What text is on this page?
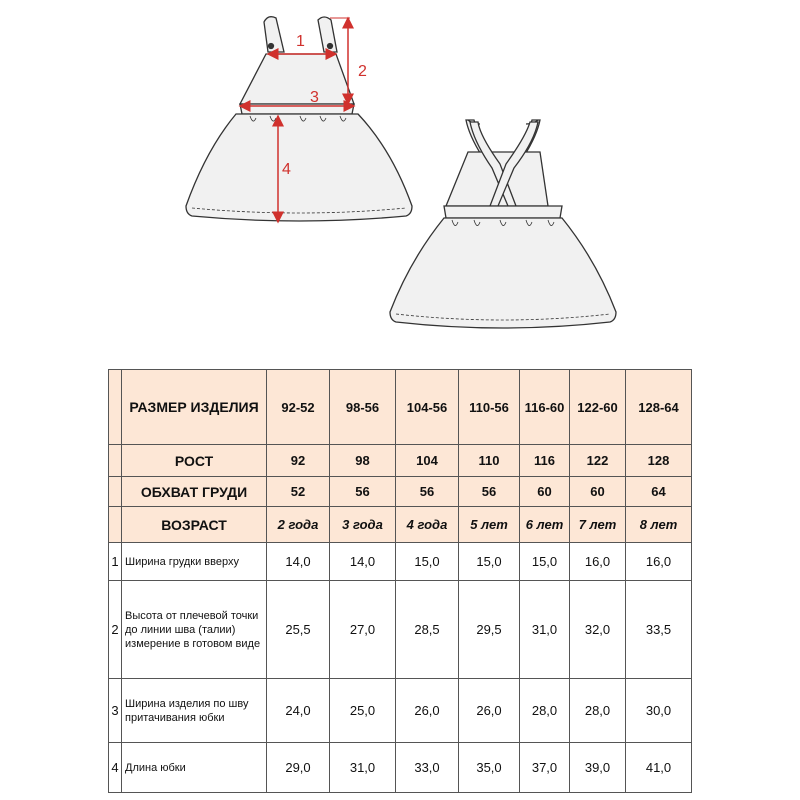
1
2
3
4
	РАЗМЕР ИЗДЕЛИЯ	92-52	98-56	104-56	110-56	116-60	122-60	128-64
	РОСТ	92	98	104	110	116	122	128
	ОБХВАТ ГРУДИ	52	56	56	56	60	60	64
	ВОЗРАСТ	2 года	3 года	4 года	5 лет	6 лет	7 лет	8 лет
1	Ширина грудки вверху	14,0	14,0	15,0	15,0	15,0	16,0	16,0
2	Высота от плечевой точки до линии шва (талии) измерение в готовом виде	25,5	27,0	28,5	29,5	31,0	32,0	33,5
3	Ширина изделия по шву притачивания юбки	24,0	25,0	26,0	26,0	28,0	28,0	30,0
4	Длина юбки	29,0	31,0	33,0	35,0	37,0	39,0	41,0
